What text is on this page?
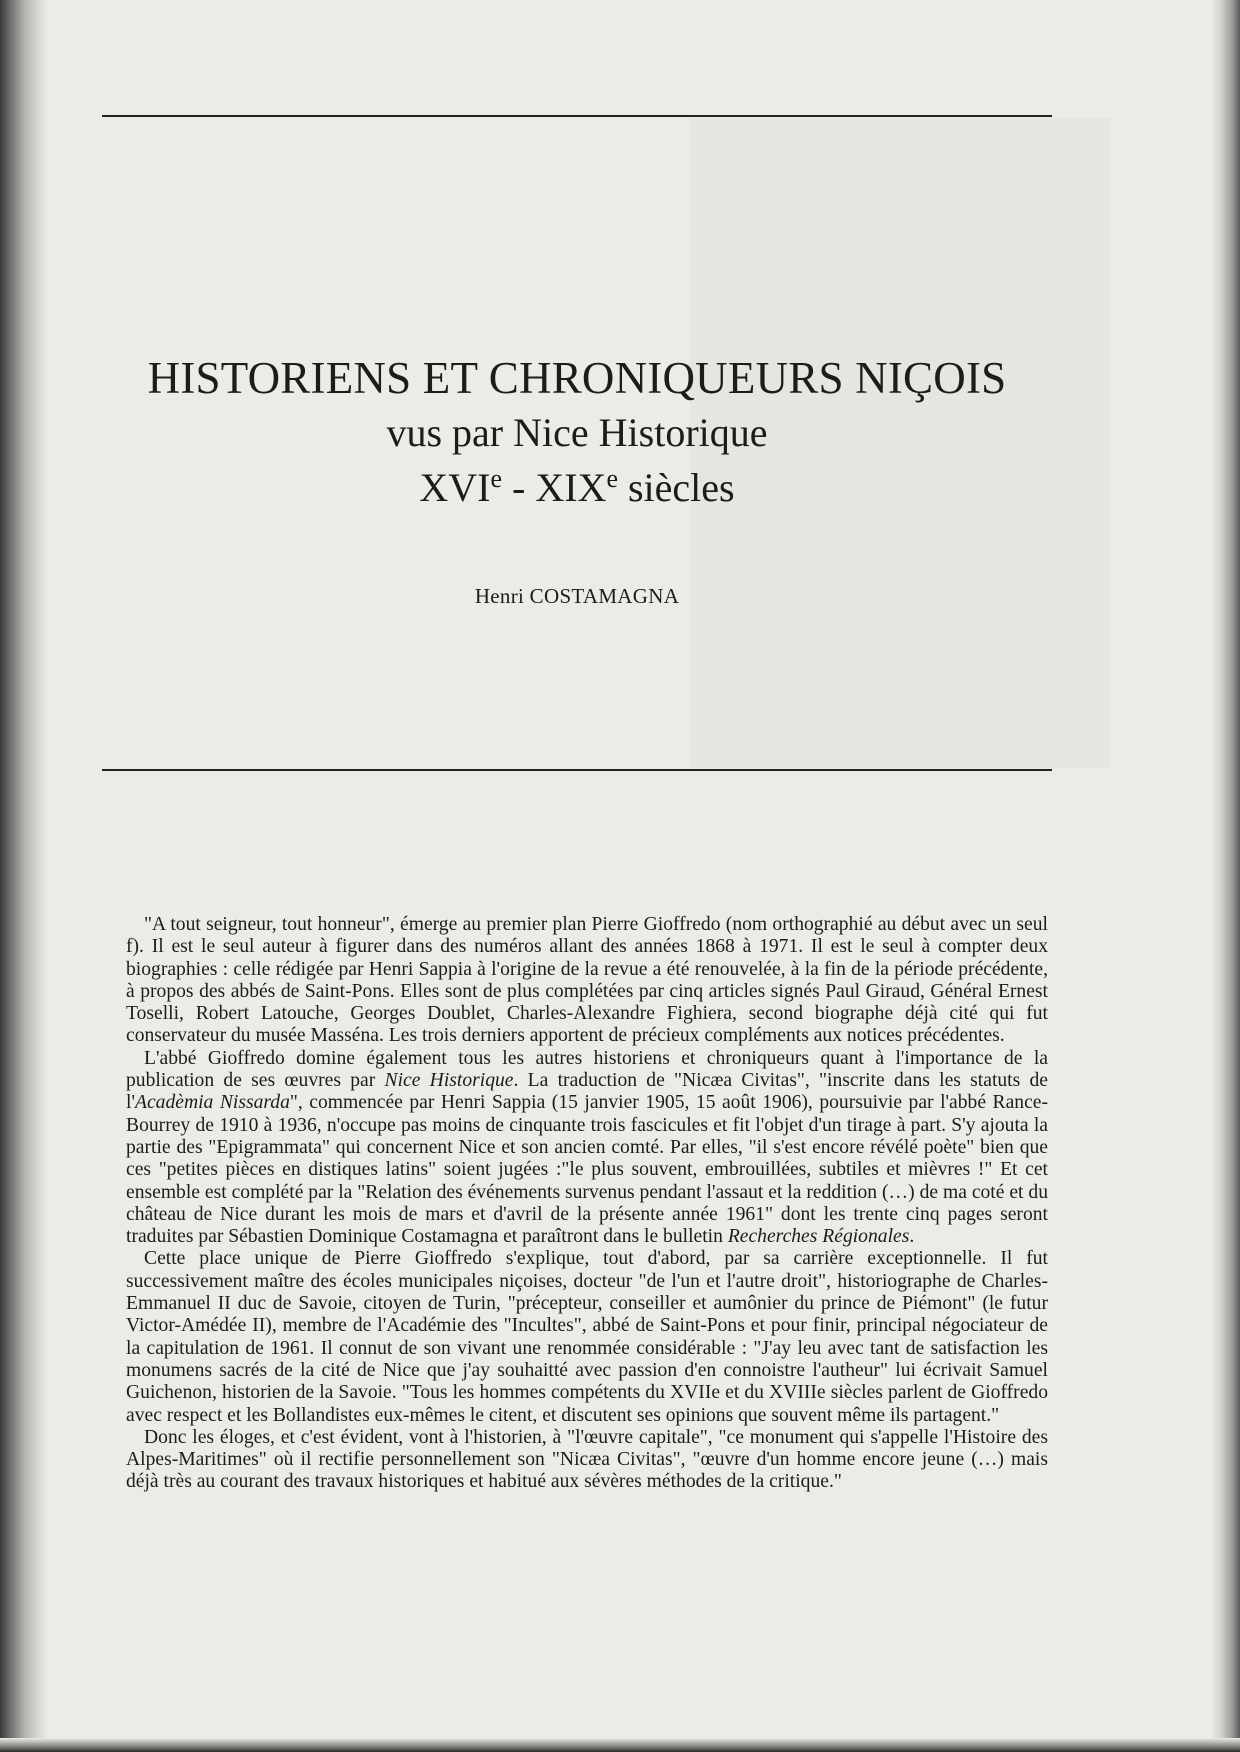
HISTORIENS ET CHRONIQUEURS NIÇOIS
vus par Nice Historique
XVIe - XIXe siècles
Henri COSTAMAGNA

"A tout seigneur, tout honneur", émerge au premier plan Pierre Gioffredo (nom orthographié au début avec un seul f). Il est le seul auteur à figurer dans des numéros allant des années 1868 à 1971. Il est le seul à compter deux biographies : celle rédigée par Henri Sappia à l'origine de la revue a été renouvelée, à la fin de la période précédente, à propos des abbés de Saint-Pons. Elles sont de plus complétées par cinq articles signés Paul Giraud, Général Ernest Toselli, Robert Latouche, Georges Doublet, Charles-Alexandre Fighiera, second biographe déjà cité qui fut conservateur du musée Masséna. Les trois derniers apportent de précieux compléments aux notices précédentes.

L'abbé Gioffredo domine également tous les autres historiens et chroniqueurs quant à l'importance de la publication de ses œuvres par Nice Historique. La traduction de "Nicæa Civitas", "inscrite dans les statuts de l'Acadèmia Nissarda", commencée par Henri Sappia (15 janvier 1905, 15 août 1906), poursuivie par l'abbé Rance-Bourrey de 1910 à 1936, n'occupe pas moins de cinquante trois fascicules et fit l'objet d'un tirage à part. S'y ajouta la partie des "Epigrammata" qui concernent Nice et son ancien comté. Par elles, "il s'est encore révélé poète" bien que ces "petites pièces en distiques latins" soient jugées :"le plus souvent, embrouillées, subtiles et mièvres !" Et cet ensemble est complété par la "Relation des événements survenus pendant l'assaut et la reddition (…) de ma coté et du château de Nice durant les mois de mars et d'avril de la présente année 1961" dont les trente cinq pages seront traduites par Sébastien Dominique Costamagna et paraîtront dans le bulletin Recherches Régionales.

Cette place unique de Pierre Gioffredo s'explique, tout d'abord, par sa carrière exceptionnelle. Il fut successivement maître des écoles municipales niçoises, docteur "de l'un et l'autre droit", historiographe de Charles-Emmanuel II duc de Savoie, citoyen de Turin, "précepteur, conseiller et aumônier du prince de Piémont" (le futur Victor-Amédée II), membre de l'Académie des "Incultes", abbé de Saint-Pons et pour finir, principal négociateur de la capitulation de 1961. Il connut de son vivant une renommée considérable : "J'ay leu avec tant de satisfaction les monumens sacrés de la cité de Nice que j'ay souhaitté avec passion d'en connoistre l'autheur" lui écrivait Samuel Guichenon, historien de la Savoie. "Tous les hommes compétents du XVIIe et du XVIIIe siècles parlent de Gioffredo avec respect et les Bollandistes eux-mêmes le citent, et discutent ses opinions que souvent même ils partagent."

Donc les éloges, et c'est évident, vont à l'historien, à "l'œuvre capitale", "ce monument qui s'appelle l'Histoire des Alpes-Maritimes" où il rectifie personnellement son "Nicæa Civitas", "œuvre d'un homme encore jeune (…) mais déjà très au courant des travaux historiques et habitué aux sévères méthodes de la critique."
